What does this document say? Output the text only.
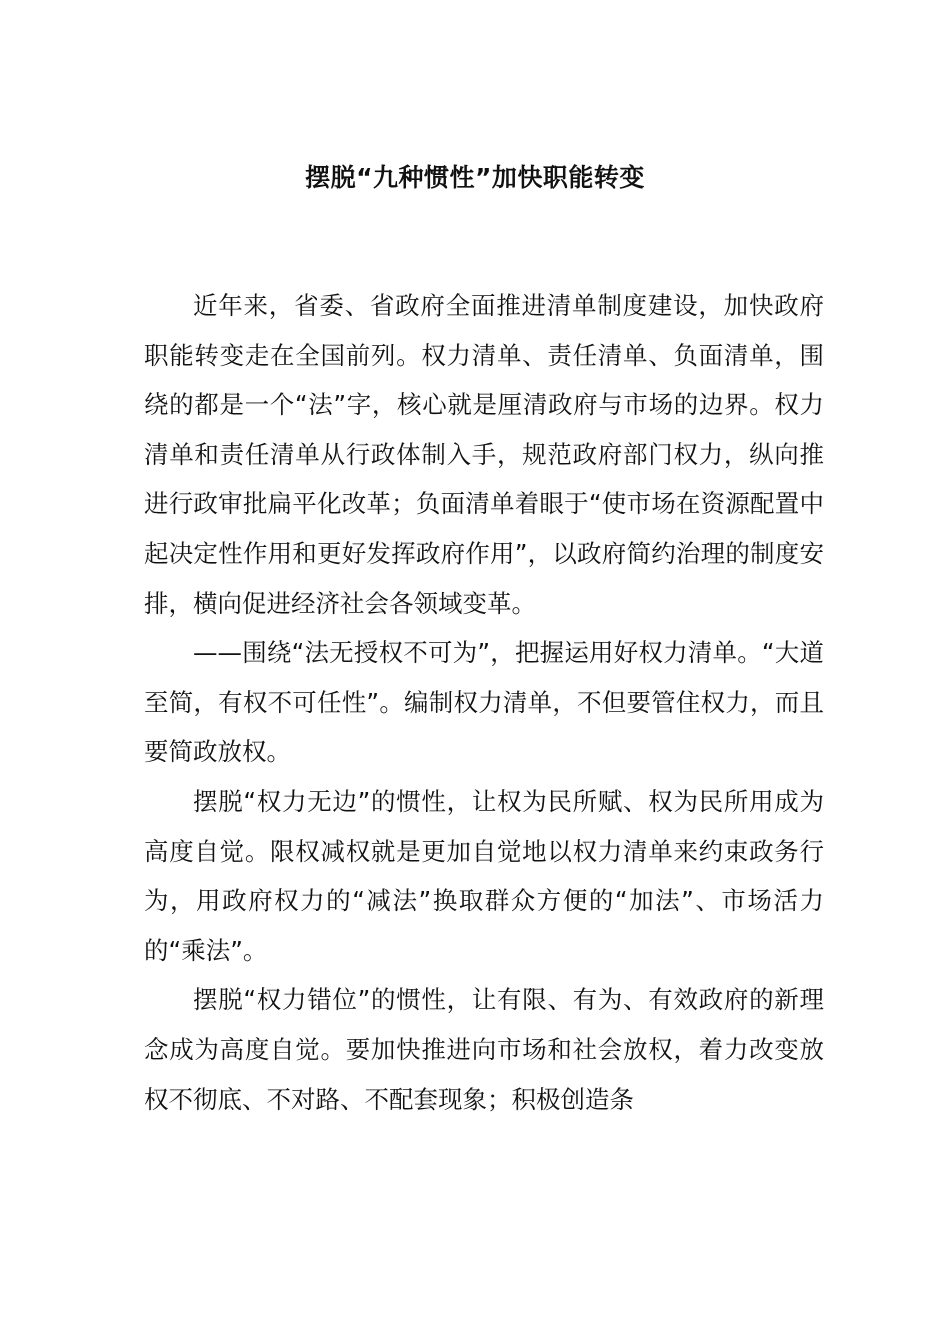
摆脱“九种惯性”加快职能转变

近年来，省委、省政府全面推进清单制度建设，加快政府职能转变走在全国前列。权力清单、责任清单、负面清单，围绕的都是一个“法”字，核心就是厘清政府与市场的边界。权力清单和责任清单从行政体制入手，规范政府部门权力，纵向推进行政审批扁平化改革；负面清单着眼于“使市场在资源配置中起决定性作用和更好发挥政府作用”，以政府简约治理的制度安排，横向促进经济社会各领域变革。

——围绕“法无授权不可为”，把握运用好权力清单。“大道至简，有权不可任性”。编制权力清单，不但要管住权力，而且要简政放权。

摆脱“权力无边”的惯性，让权为民所赋、权为民所用成为高度自觉。限权减权就是更加自觉地以权力清单来约束政务行为，用政府权力的“减法”换取群众方便的“加法”、市场活力的“乘法”。

摆脱“权力错位”的惯性，让有限、有为、有效政府的新理念成为高度自觉。要加快推进向市场和社会放权，着力改变放权不彻底、不对路、不配套现象；积极创造条
